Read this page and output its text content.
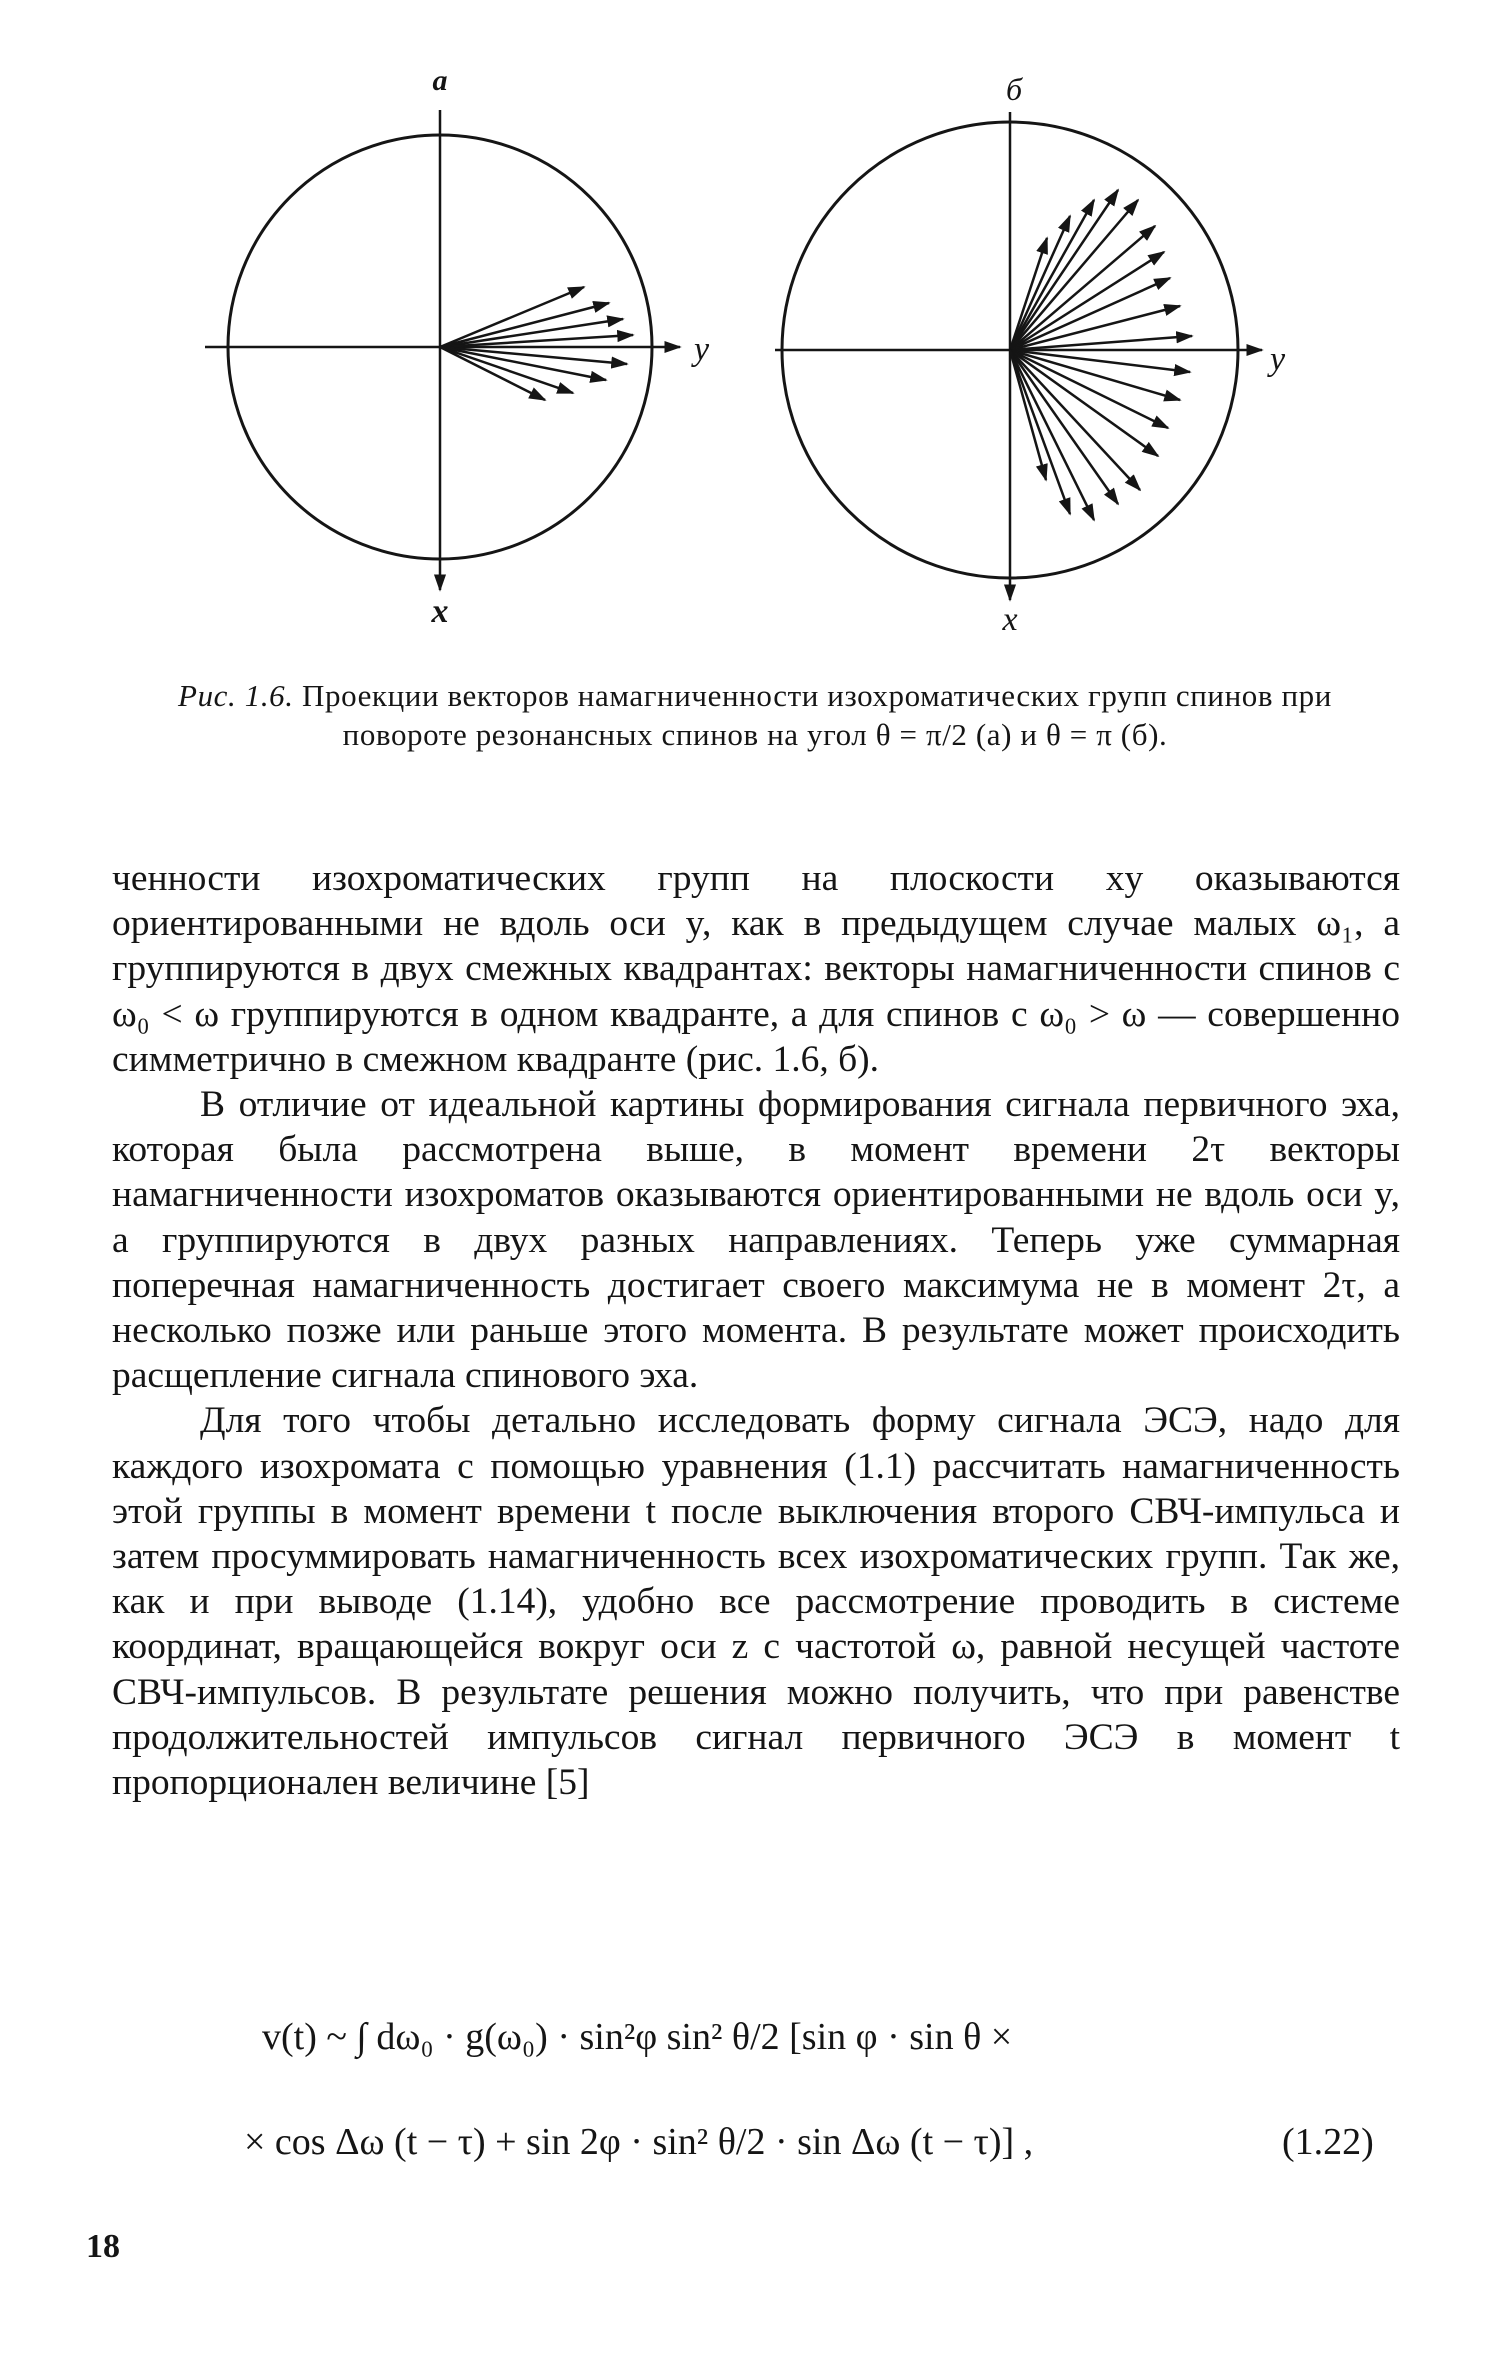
а
y
x
б
y
x
Рис. 1.6. Проекции векторов намагниченности изохроматических групп спинов при повороте резонансных спинов на угол θ = π/2 (а) и θ = π (б).

ченности изохроматических групп на плоскости xy оказываются ориентированными не вдоль оси y, как в предыдущем случае малых ω₁, а группируются в двух смежных квадрантах: векторы намагниченности спинов с ω₀ < ω группируются в одном квадранте, а для спинов с ω₀ > ω — совершенно симметрично в смежном квадранте (рис. 1.6, б).

В отличие от идеальной картины формирования сигнала первичного эха, которая была рассмотрена выше, в момент времени 2τ векторы намагниченности изохроматов оказываются ориентированными не вдоль оси y, а группируются в двух разных направлениях. Теперь уже суммарная поперечная намагниченность достигает своего максимума не в момент 2τ, а несколько позже или раньше этого момента. В результате может происходить расщепление сигнала спинового эха.

Для того чтобы детально исследовать форму сигнала ЭСЭ, надо для каждого изохромата с помощью уравнения (1.1) рассчитать намагниченность этой группы в момент времени t после выключения второго СВЧ-импульса и затем просуммировать намагниченность всех изохроматических групп. Так же, как и при выводе (1.14), удобно все рассмотрение проводить в системе координат, вращающейся вокруг оси z с частотой ω, равной несущей частоте СВЧ-импульсов. В результате решения можно получить, что при равенстве продолжительностей импульсов сигнал первичного ЭСЭ в момент t пропорционален величине [5]

v(t) ~ ∫ dω₀ · g(ω₀) · sin²φ sin² θ/2 [sin φ · sin θ ×
× cos Δω (t − τ) + sin 2φ · sin² θ/2 · sin Δω (t − τ)] ,	(1.22)
18
